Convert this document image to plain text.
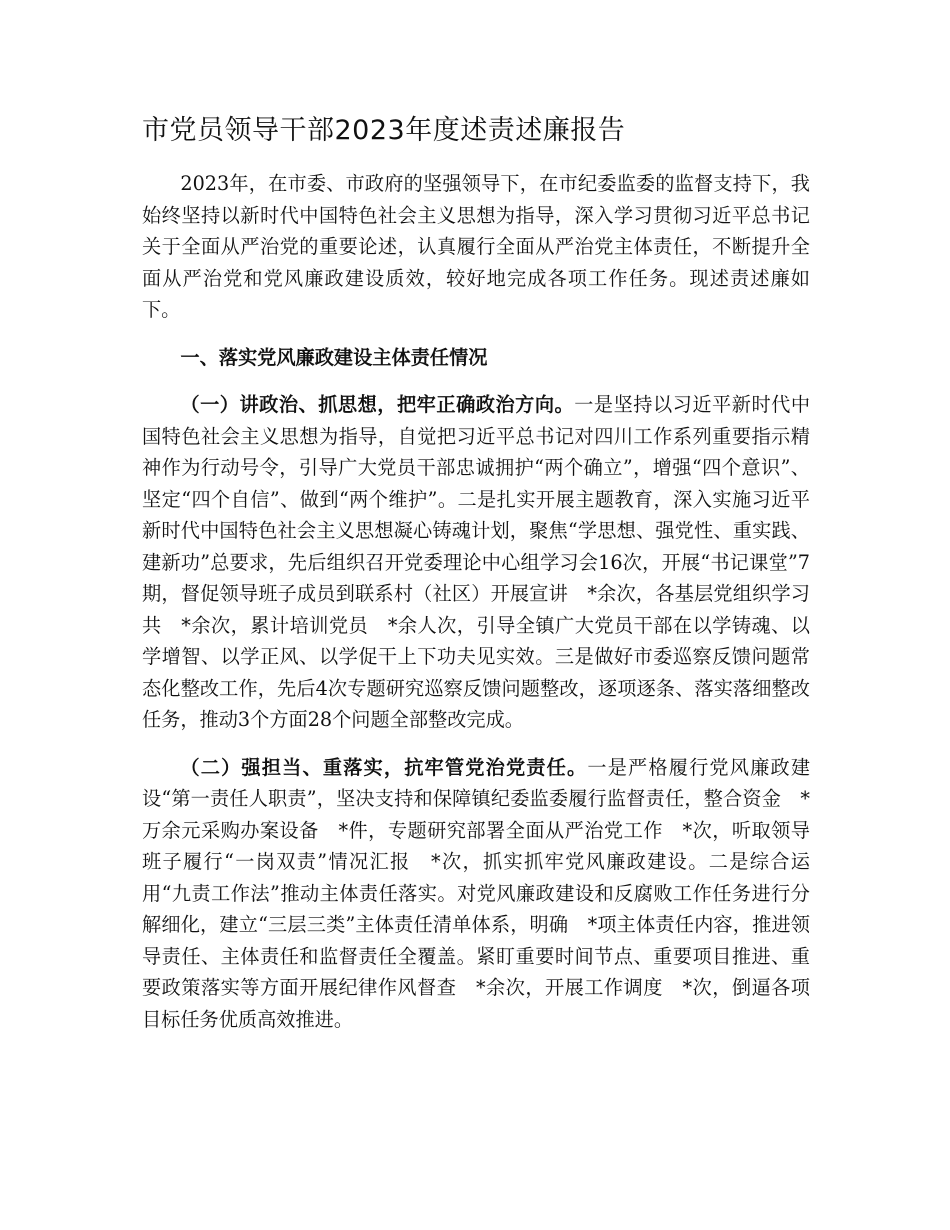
市党员领导干部2023年度述责述廉报告

2023年，在市委、市政府的坚强领导下，在市纪委监委的监督支持下，我始终坚持以新时代中国特色社会主义思想为指导，深入学习贯彻习近平总书记关于全面从严治党的重要论述，认真履行全面从严治党主体责任，不断提升全面从严治党和党风廉政建设质效，较好地完成各项工作任务。现述责述廉如下。

一、落实党风廉政建设主体责任情况

（一）讲政治、抓思想，把牢正确政治方向。一是坚持以习近平新时代中国特色社会主义思想为指导，自觉把习近平总书记对四川工作系列重要指示精神作为行动号令，引导广大党员干部忠诚拥护“两个确立”，增强“四个意识”、坚定“四个自信”、做到“两个维护”。二是扎实开展主题教育，深入实施习近平新时代中国特色社会主义思想凝心铸魂计划，聚焦“学思想、强党性、重实践、建新功”总要求，先后组织召开党委理论中心组学习会16次，开展“书记课堂”7期，督促领导班子成员到联系村（社区）开展宣讲　*余次，各基层党组织学习共　*余次，累计培训党员　*余人次，引导全镇广大党员干部在以学铸魂、以学增智、以学正风、以学促干上下功夫见实效。三是做好市委巡察反馈问题常态化整改工作，先后4次专题研究巡察反馈问题整改，逐项逐条、落实落细整改任务，推动3个方面28个问题全部整改完成。

（二）强担当、重落实，抗牢管党治党责任。一是严格履行党风廉政建设“第一责任人职责”，坚决支持和保障镇纪委监委履行监督责任，整合资金　*万余元采购办案设备　*件，专题研究部署全面从严治党工作　*次，听取领导班子履行“一岗双责”情况汇报　*次，抓实抓牢党风廉政建设。二是综合运用“九责工作法”推动主体责任落实。对党风廉政建设和反腐败工作任务进行分解细化，建立“三层三类”主体责任清单体系，明确　*项主体责任内容，推进领导责任、主体责任和监督责任全覆盖。紧盯重要时间节点、重要项目推进、重要政策落实等方面开展纪律作风督查　*余次，开展工作调度　*次，倒逼各项目标任务优质高效推进。
